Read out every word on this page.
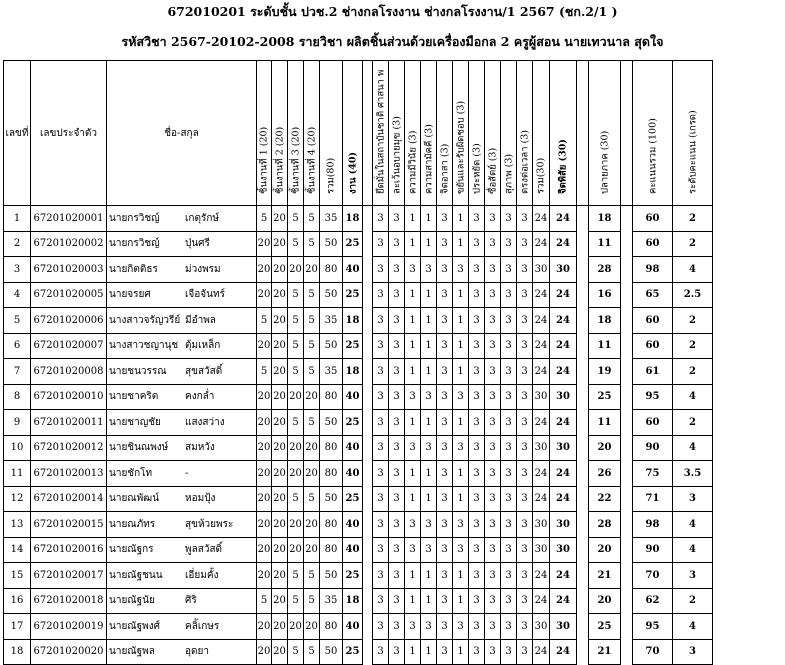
672010201 ระดับชั้น ปวช.2 ช่างกลโรงงาน ช่างกลโรงงาน/1 2567 (ชก.2/1 )
รหัสวิชา 2567-20102-2008 รายวิชา ผลิตชิ้นส่วนด้วยเครื่องมือกล 2 ครูผู้สอน นายเทวนาล สุดใจ
เลขที่	เลขประจำตัว	ชื่อ-สกุล	ชิ้นงานที่ 1 (20)	ชิ้นงานที่ 2 (20)	ชิ้นงานที่ 3 (20)	ชิ้นงานที่ 4 (20)	รวม(80)	งาน (40)		ยึดมั่นในสถาบันชาติ ศาสนา พ	ละเว้นอบายมุข (3)	ความมีวินัย (3)	ความสามัคคี (3)	จิตอาสา (3)	ขยันและรับผิดชอบ (3)	ประหยัด (3)	ซื่อสัตย์ (3)	สุภาพ (3)	ตรงต่อเวลา (3)	รวม(30)	จิตพิสัย (30)		ปลายภาค (30)		คะแนนรวม (100)	ระดับคะแนน (เกรด)

1	67201020001	นายกรวิชญ์ เกตุรักษ์	5	20	5	5	35	18		3	3	1	1	3	1	3	3	3	3	24	24		18		60	2
2	67201020002	นายกรวิชญ์ ปุ่นศรี	20	20	5	5	50	25		3	3	1	1	3	1	3	3	3	3	24	24		11		60	2
3	67201020003	นายกิตติธร ม่วงพรม	20	20	20	20	80	40		3	3	3	3	3	3	3	3	3	3	30	30		28		98	4
4	67201020005	นายจรยศ เจือจันทร์	20	20	5	5	50	25		3	3	1	1	3	1	3	3	3	3	24	24		16		65	2.5
5	67201020006	นางสาวจรัญวรีย์ มีอำพล	5	20	5	5	35	18		3	3	1	1	3	1	3	3	3	3	24	24		18		60	2
6	67201020007	นางสาวชญานุช ตุ้มเหล็ก	20	20	5	5	50	25		3	3	1	1	3	1	3	3	3	3	24	24		11		60	2
7	67201020008	นายชนวรรณ สุขสวัสดิ์	5	20	5	5	35	18		3	3	1	1	3	1	3	3	3	3	24	24		19		61	2
8	67201020010	นายชาคริต คงกล่ำ	20	20	20	20	80	40		3	3	3	3	3	3	3	3	3	3	30	30		25		95	4
9	67201020011	นายชาญชัย แสงสว่าง	20	20	5	5	50	25		3	3	1	1	3	1	3	3	3	3	24	24		11		60	2
10	67201020012	นายชินณพงษ์ สมหวัง	20	20	20	20	80	40		3	3	3	3	3	3	3	3	3	3	30	30		20		90	4
11	67201020013	นายชักโท -	20	20	20	20	80	40		3	3	1	1	3	1	3	3	3	3	24	24		26		75	3.5
12	67201020014	นายณพัฒน์ หอมปุ้ง	20	20	5	5	50	25		3	3	1	1	3	1	3	3	3	3	24	24		22		71	3
13	67201020015	นายณภัทร สุขห้วยพระ	20	20	20	20	80	40		3	3	3	3	3	3	3	3	3	3	30	30		28		98	4
14	67201020016	นายณัฐกร พูลสวัสดิ์	20	20	20	20	80	40		3	3	3	3	3	3	3	3	3	3	30	30		20		90	4
15	67201020017	นายณัฐชนน เอี่ยมคั้ง	20	20	5	5	50	25		3	3	1	1	3	1	3	3	3	3	24	24		21		70	3
16	67201020018	นายณัฐนัย ศิริ	5	20	5	5	35	18		3	3	1	1	3	1	3	3	3	3	24	24		20		62	2
17	67201020019	นายณัฐพงศ์ คลิ้เกษร	20	20	20	20	80	40		3	3	3	3	3	3	3	3	3	3	30	30		25		95	4
18	67201020020	นายณัฐพล อุดยา	20	20	5	5	50	25		3	3	1	1	3	1	3	3	3	3	24	24		21		70	3
